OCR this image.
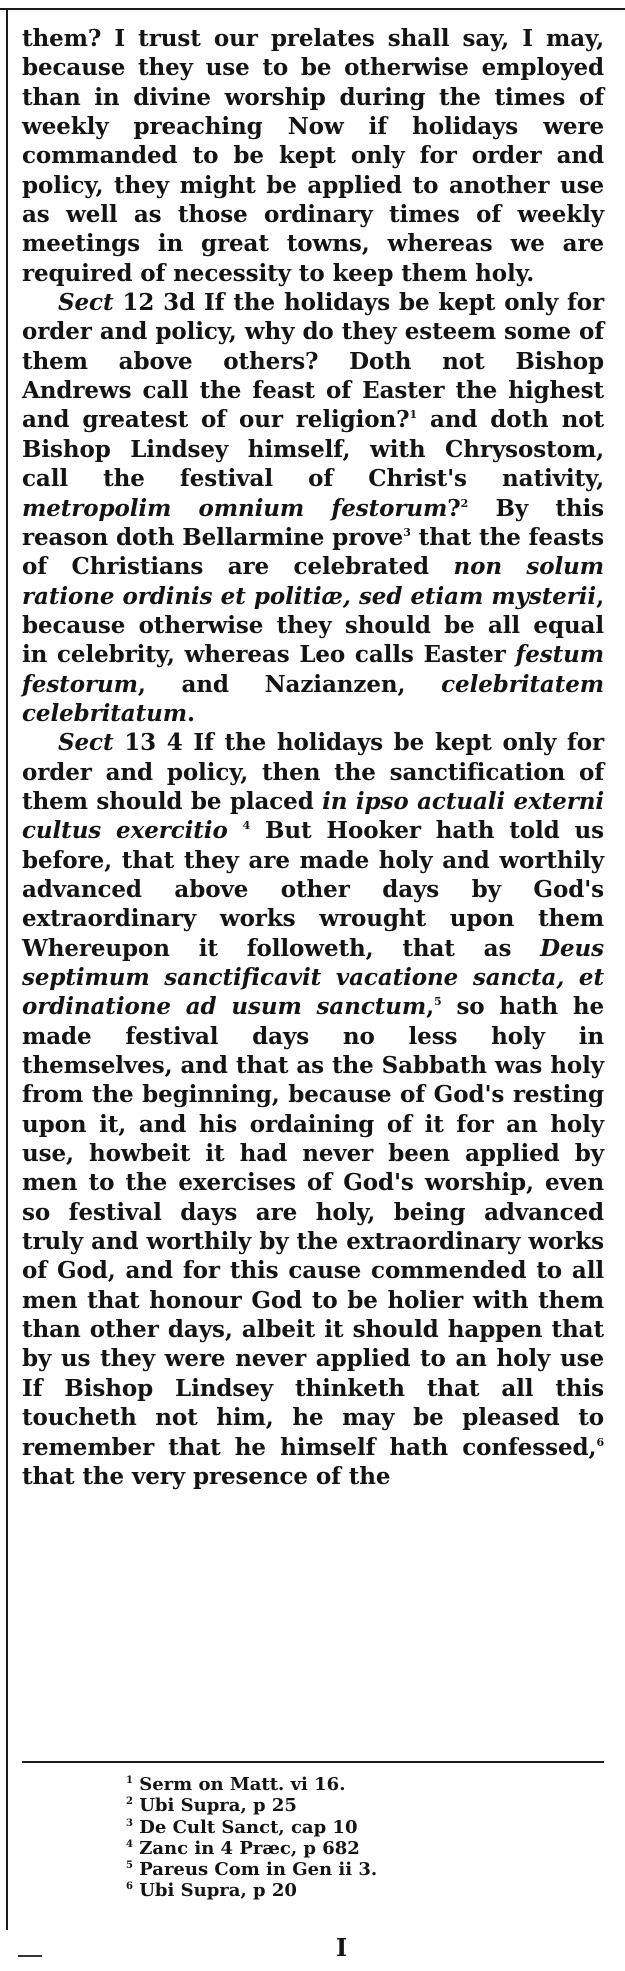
them? I trust our prelates shall say, I may, because they use to be otherwise employed than in divine worship during the times of weekly preaching Now if holidays were commanded to be kept only for order and policy, they might be applied to another use as well as those ordinary times of weekly meetings in great towns, whereas we are required of necessity to keep them holy.

Sect 12 3d If the holidays be kept only for order and policy, why do they esteem some of them above others? Doth not Bishop Andrews call the feast of Easter the highest and greatest of our religion?$^1$ and doth not Bishop Lindsey himself, with Chrysostom, call the festival of Christ's nativity, metropolim omnium festorum?$^2$ By this reason doth Bellarmine prove$^3$ that the feasts of Christians are celebrated non solum ratione ordinis et politiæ, sed etiam mysterii, because otherwise they should be all equal in celebrity, whereas Leo calls Easter festum festorum, and Nazianzen, celebritatem celebritatum.

Sect 13 4 If the holidays be kept only for order and policy, then the sanctification of them should be placed in ipso actuali externi cultus exercitio $^4$ But Hooker hath told us before, that they are made holy and worthily advanced above other days by God's extraordinary works wrought upon them Whereupon it followeth, that as Deus septimum sanctificavit vacatione sancta, et ordinatione ad usum sanctum,$^5$ so hath he made festival days no less holy in themselves, and that as the Sabbath was holy from the beginning, because of God's resting upon it, and his ordaining of it for an holy use, howbeit it had never been applied by men to the exercises of God's worship, even so festival days are holy, being advanced truly and worthily by the extraordinary works of God, and for this cause commended to all men that honour God to be holier with them than other days, albeit it should happen that by us they were never applied to an holy use If Bishop Lindsey thinketh that all this toucheth not him, he may be pleased to remember that he himself hath confessed,$^6$ that the very presence of the

$^1$ Serm on Matt. vi 16.
$^2$ Ubi Supra, p 25
$^3$ De Cult Sanct, cap 10
$^4$ Zanc in 4 Præc, p 682
$^5$ Pareus Com in Gen ii 3.
$^6$ Ubi Supra, p 20
I
